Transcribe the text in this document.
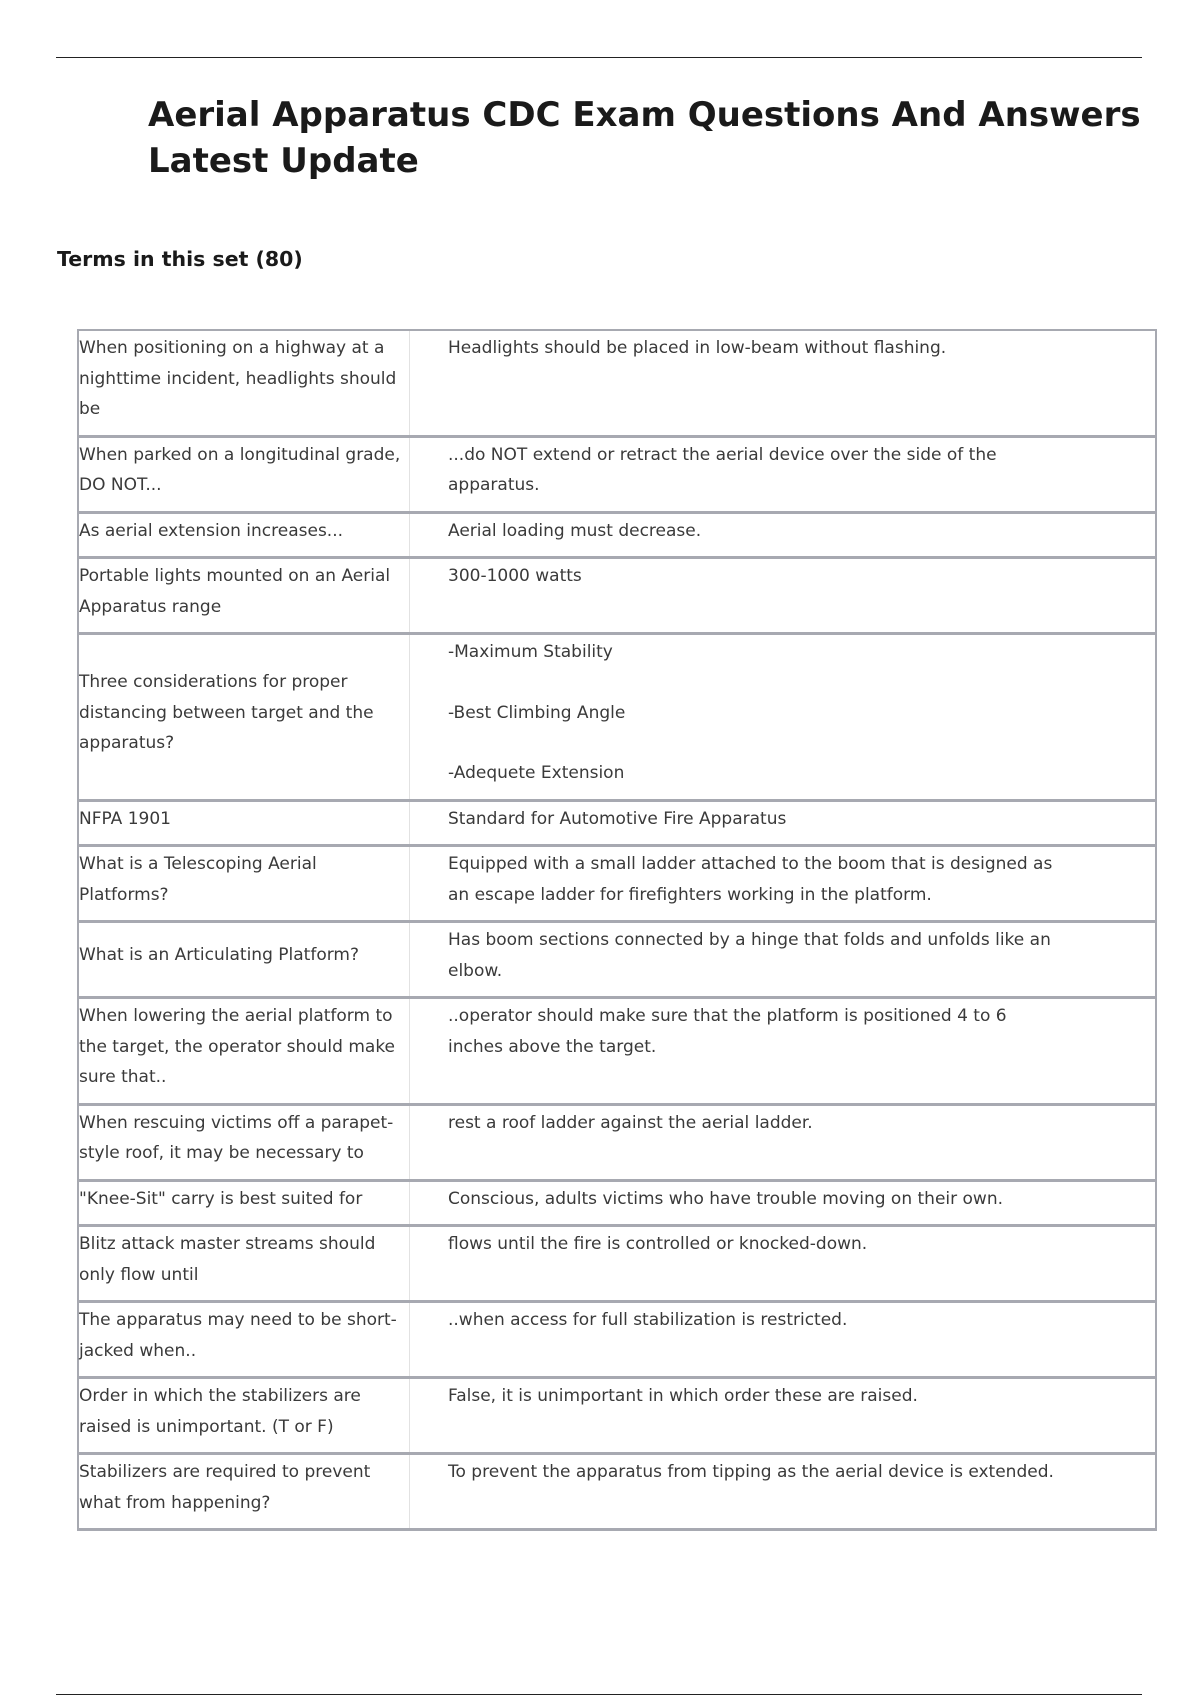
Aerial Apparatus CDC Exam Questions And Answers Latest Update
Terms in this set (80)
When positioning on a highway at a nighttime incident, headlights should be	Headlights should be placed in low-beam without flashing.
When parked on a longitudinal grade, DO NOT...	...do NOT extend or retract the aerial device over the side of the apparatus.
As aerial extension increases...	Aerial loading must decrease.
Portable lights mounted on an Aerial Apparatus range	300-1000 watts
Three considerations for proper distancing between target and the apparatus?	-Maximum Stability
-Best Climbing Angle
-Adequete Extension

NFPA 1901	Standard for Automotive Fire Apparatus
What is a Telescoping Aerial Platforms?	Equipped with a small ladder attached to the boom that is designed as an escape ladder for firefighters working in the platform.
What is an Articulating Platform?	Has boom sections connected by a hinge that folds and unfolds like an elbow.
When lowering the aerial platform to the target, the operator should make sure that..	..operator should make sure that the platform is positioned 4 to 6 inches above the target.
When rescuing victims off a parapet-style roof, it may be necessary to	rest a roof ladder against the aerial ladder.
"Knee-Sit" carry is best suited for	Conscious, adults victims who have trouble moving on their own.
Blitz attack master streams should only flow until	flows until the fire is controlled or knocked-down.
The apparatus may need to be short-jacked when..	..when access for full stabilization is restricted.
Order in which the stabilizers are raised is unimportant. (T or F)	False, it is unimportant in which order these are raised.
Stabilizers are required to prevent what from happening?	To prevent the apparatus from tipping as the aerial device is extended.
